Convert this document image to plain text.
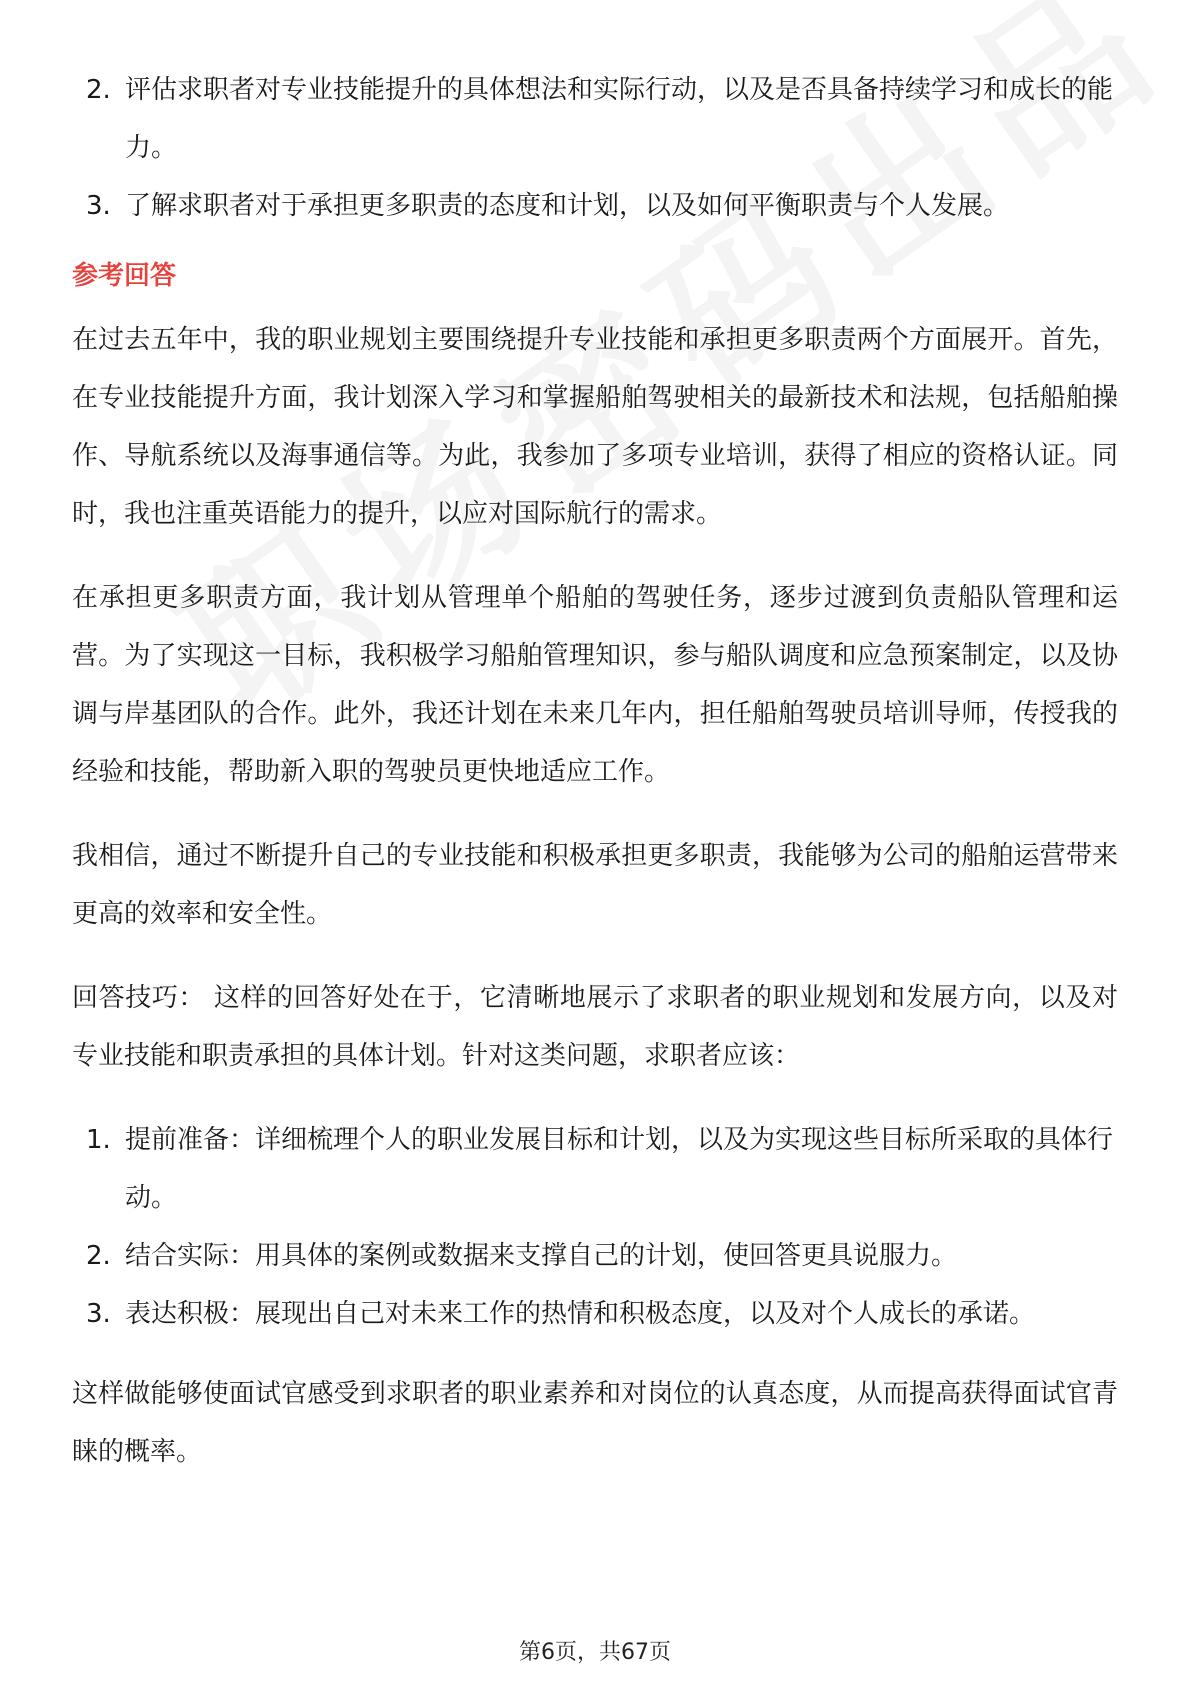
2. 评估求职者对专业技能提升的具体想法和实际行动，以及是否具备持续学习和成长的能力。
3. 了解求职者对于承担更多职责的态度和计划，以及如何平衡职责与个人发展。
参考回答

在过去五年中，我的职业规划主要围绕提升专业技能和承担更多职责两个方面展开。首先，在专业技能提升方面，我计划深入学习和掌握船舶驾驶相关的最新技术和法规，包括船舶操作、导航系统以及海事通信等。为此，我参加了多项专业培训，获得了相应的资格认证。同时，我也注重英语能力的提升，以应对国际航行的需求。

在承担更多职责方面，我计划从管理单个船舶的驾驶任务，逐步过渡到负责船队管理和运营。为了实现这一目标，我积极学习船舶管理知识，参与船队调度和应急预案制定，以及协调与岸基团队的合作。此外，我还计划在未来几年内，担任船舶驾驶员培训导师，传授我的经验和技能，帮助新入职的驾驶员更快地适应工作。

我相信，通过不断提升自己的专业技能和积极承担更多职责，我能够为公司的船舶运营带来更高的效率和安全性。

回答技巧： 这样的回答好处在于，它清晰地展示了求职者的职业规划和发展方向，以及对专业技能和职责承担的具体计划。针对这类问题，求职者应该：

1. 提前准备：详细梳理个人的职业发展目标和计划，以及为实现这些目标所采取的具体行动。
2. 结合实际：用具体的案例或数据来支撑自己的计划，使回答更具说服力。
3. 表达积极：展现出自己对未来工作的热情和积极态度，以及对个人成长的承诺。

这样做能够使面试官感受到求职者的职业素养和对岗位的认真态度，从而提高获得面试官青睐的概率。

第6页，共67页
